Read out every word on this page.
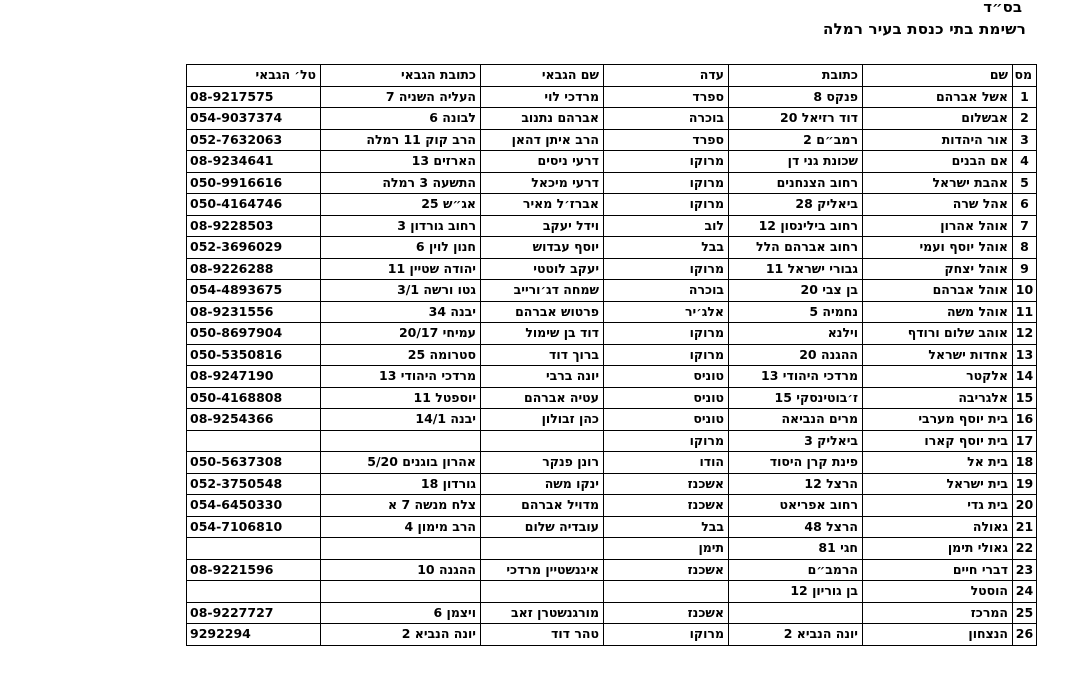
בס״ד
רשימת בתי כנסת בעיר רמלה
מס	שם	כתובת	עדה	שם הגבאי	כתובת הגבאי	טל׳ הגבאי
1	אשל אברהם	פנקס 8	ספרד	מרדכי לוי	העליה השניה 7	08-9217575
2	אבשלום	דוד רזיאל 20	בוכרה	אברהם נתנוב	לבונה 6	054-9037374
3	אור היהדות	רמב״ם 2	ספרד	הרב איתן דהאן	הרב קוק 11 רמלה	052-7632063
4	אם הבנים	שכונת גני דן	מרוקו	דרעי ניסים	הארזים 13	08-9234641
5	אהבת ישראל	רחוב הצנחנים	מרוקו	דרעי מיכאל	התשעה 3 רמלה	050-9916616
6	אהל שרה	ביאליק 28	מרוקו	אברז׳ל מאיר	אג״ש 25	050-4164746
7	אוהל אהרון	רחוב בילינסון 12	לוב	וידל יעקב	רחוב גורדון 3	08-9228503
8	אוהל יוסף ועמי	רחוב אברהם הלל	בבל	יוסף עבדוש	חנון לוין 6	052-3696029
9	אוהל יצחק	גבורי ישראל 11	מרוקו	יעקב לוטטי	יהודה שטיין 11	08-9226288
10	אוהל אברהם	בן צבי 20	בוכרה	שמחה דג׳ורייב	גטו ורשה 3/1	054-4893675
11	אוהל משה	נחמיה 5	אלג׳יר	פרטוש אברהם	יבנה 34	08-9231556
12	אוהב שלום ורודף	וילנא	מרוקו	דוד בן שימול	עמיחי 20/17	050-8697904
13	אחדות ישראל	ההגנה 20	מרוקו	ברוך דוד	סטרומה 25	050-5350816
14	אלקטר	מרדכי היהודי 13	טוניס	יונה ברבי	מרדכי היהודי 13	08-9247190
15	אלגריבה	ז׳בוטינסקי 15	טוניס	עטיה אברהם	יוספטל 11	050-4168808
16	בית יוסף מערבי	מרים הנביאה	טוניס	כהן זבולון	יבנה 14/1	08-9254366
17	בית יוסף קארו	ביאליק 3	מרוקו			
18	בית אל	פינת קרן היסוד	הודו	רונן פנקר	אהרון בוגנים 5/20	050-5637308
19	בית ישראל	הרצל 12	אשכנז	ינקו משה	גורדון 18	052-3750548
20	בית גדי	רחוב אפריאט	אשכנז	מדויל אברהם	צלח מנשה 7 א	054-6450330
21	גאולה	הרצל 48	בבל	עובדיה שלום	הרב מימון 4	054-7106810
22	גאולי תימן	חגי 81	תימן			
23	דברי חיים	הרמב״ם	אשכנז	איגנשטיין מרדכי	ההגנה 10	08-9221596
24	הוסטל	בן גוריון 12				
25	המרכז		אשכנז	מורגנשטרן זאב	ויצמן 6	08-9227727
26	הנצחון	יונה הנביא 2	מרוקו	טהר דוד	יונה הנביא 2	9292294
